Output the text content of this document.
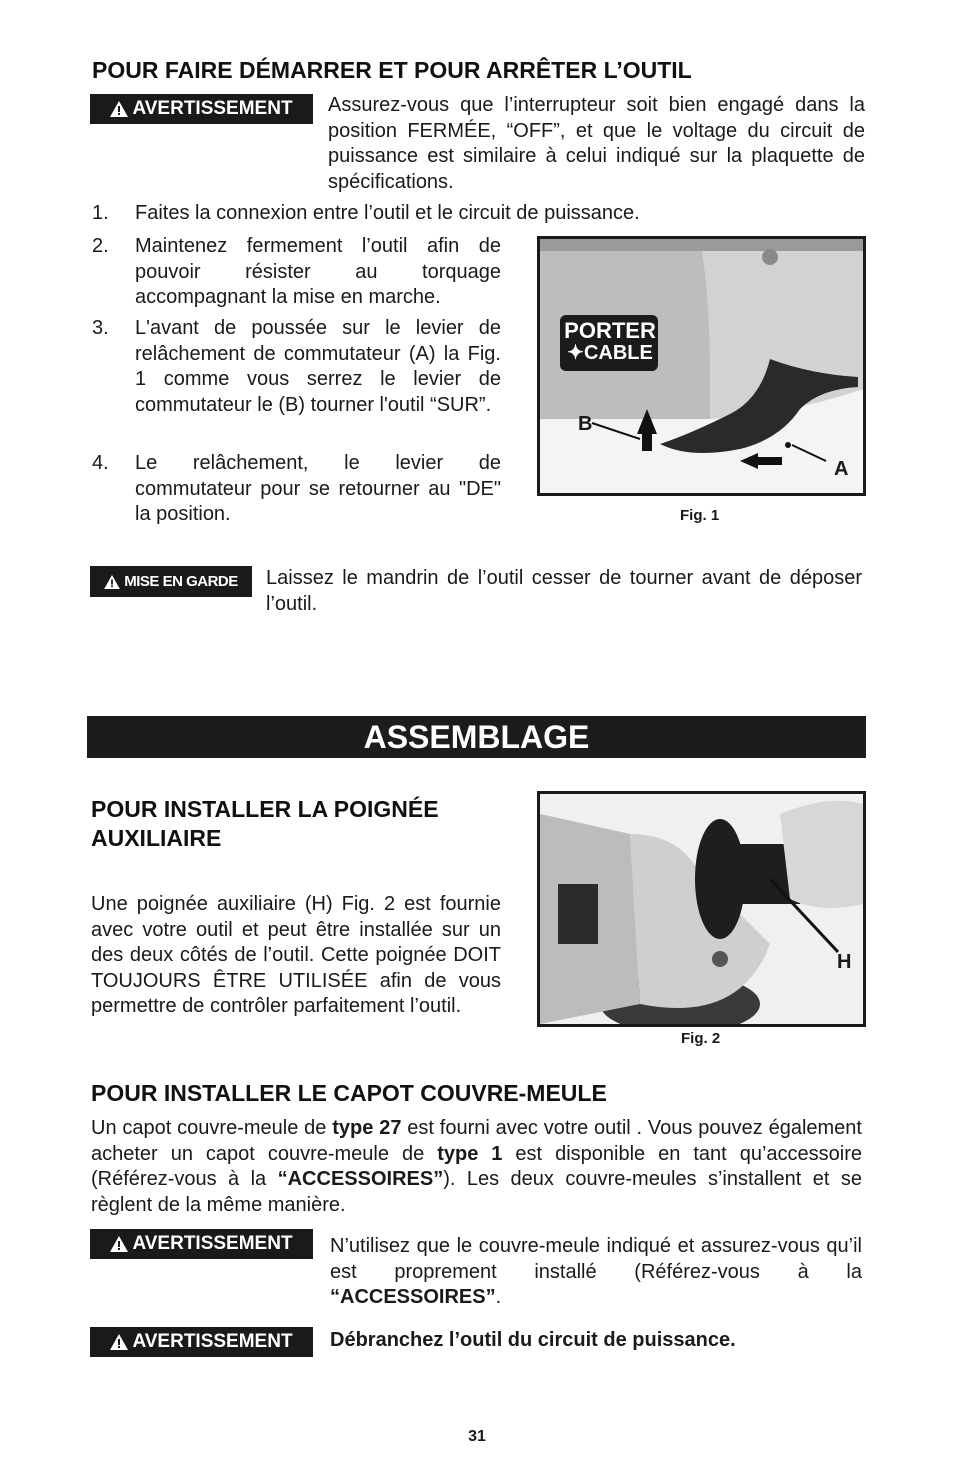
POUR FAIRE DÉMARRER ET POUR ARRÊTER L’OUTIL
AVERTISSEMENT Assurez-vous que l’interrupteur soit bien engagé dans la position FERMÉE, “OFF”, et que le voltage du circuit de puissance est similaire à celui indiqué sur la plaquette de spécifications.
1.	Faites la connexion entre l’outil et le circuit de puissance.
2.	Maintenez fermement l’outil afin de pouvoir résister au torquage accompagnant la mise en marche.
3.	L'avant de poussée sur le levier de relâchement de commutateur (A) la Fig. 1 comme vous serrez le levier de commutateur le (B) tourner l'outil “SUR”.
4.	Le relâchement, le levier de commutateur pour se retourner au "DE" la position.
PORTER
✦CABLE
B
A
Fig. 1
MISE EN GARDE Laissez le mandrin de l’outil cesser de tourner avant de déposer l’outil.
ASSEMBLAGE
POUR INSTALLER LA POIGNÉE AUXILIAIRE
Une poignée auxiliaire (H) Fig. 2 est fournie avec votre outil et peut être installée sur un des deux côtés de l’outil. Cette poignée DOIT TOUJOURS ÊTRE UTILISÉE afin de vous permettre de contrôler parfaitement l’outil.
H
Fig. 2
POUR INSTALLER LE CAPOT COUVRE-MEULE
Un capot couvre-meule de type 27 est fourni avec votre outil . Vous pouvez également acheter un capot couvre-meule de type 1 est disponible en tant qu’accessoire (Référez-vous à la “ACCESSOIRES”). Les deux couvre-meules s’installent et se règlent de la même manière.
AVERTISSEMENT N’utilisez que le couvre-meule indiqué et assurez-vous qu’il est proprement installé (Référez-vous à la “ACCESSOIRES”.
AVERTISSEMENT Débranchez l’outil du circuit de puissance.
31
